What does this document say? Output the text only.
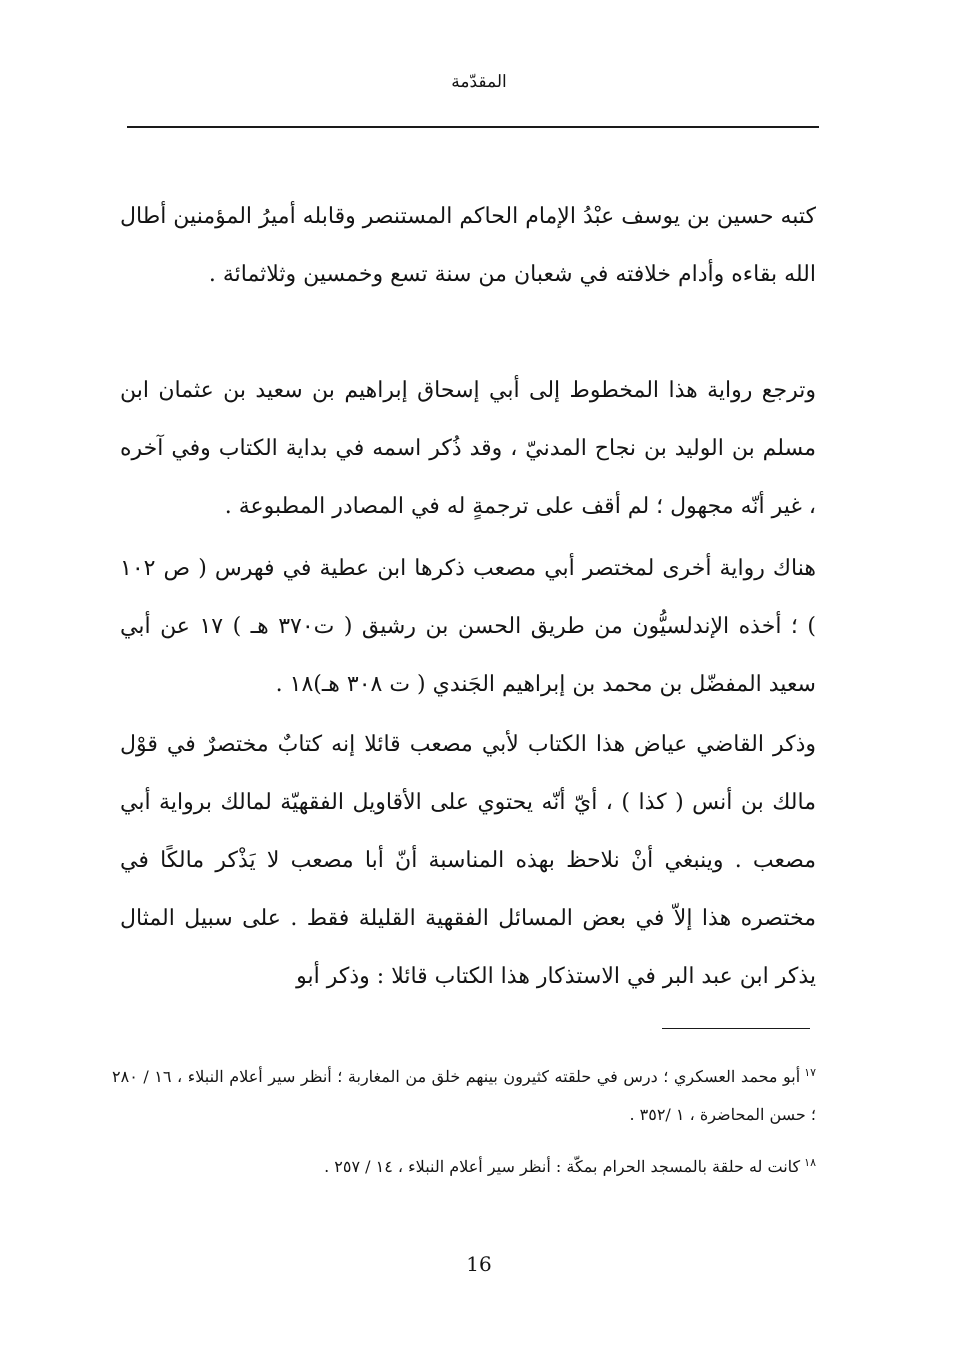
المقدّمة

كتبه حسين بن يوسف عبْدُ الإمام الحاكم المستنصر وقابله أميرُ المؤمنين أطال الله بقاءه وأدام خلافته في شعبان من سنة تسع وخمسين وثلاثمائة .

وترجع رواية هذا المخطوط إلى أبي إسحاق إبراهيم بن سعيد بن عثمان ابن مسلم بن الوليد بن نجاح المدنيّ ، وقد ذُكر اسمه في بداية الكتاب وفي آخره ، غير أنّه مجهول ؛ لم أقف على ترجمةٍ له في المصادر المطبوعة .

هناك رواية أخرى لمختصر أبي مصعب ذكرها ابن عطية في فهرس ( ص ١٠٢ ) ؛ أخذه الإندلسيُّون من طريق الحسن بن رشيق ( ت٣٧٠ هـ ) ١٧ عن أبي سعيد المفضّل بن محمد بن إبراهيم الجَندي ( ت ٣٠٨ هـ)١٨ .

وذكر القاضي عياض هذا الكتاب لأبي مصعب قائلا إنه كتابٌ مختصرٌ في قوْل مالك بن أنس ( كذا ) ، أيّ أنّه يحتوي على الأقاويل الفقهيّة لمالك برواية أبي مصعب . وينبغي أنْ نلاحظ بهذه المناسبة أنّ أبا مصعب لا يَذْكر مالكًا في مختصره هذا إلاّ في بعض المسائل الفقهية القليلة فقط . على سبيل المثال يذكر ابن عبد البر في الاستذكار هذا الكتاب قائلا : وذكر أبو

$^{١٧}$أبو محمد العسكري ؛ درس في حلقته كثيرون بينهم خلق من المغاربة ؛ أنظر سير أعلام النبلاء ، ١٦ / ٢٨٠ ؛ حسن المحاضرة ، ١ /٣٥٢ .

$^{١٨}$كانت له حلقة بالمسجد الحرام بمكّة : أنظر سير أعلام النبلاء ، ١٤ / ٢٥٧ .

16
